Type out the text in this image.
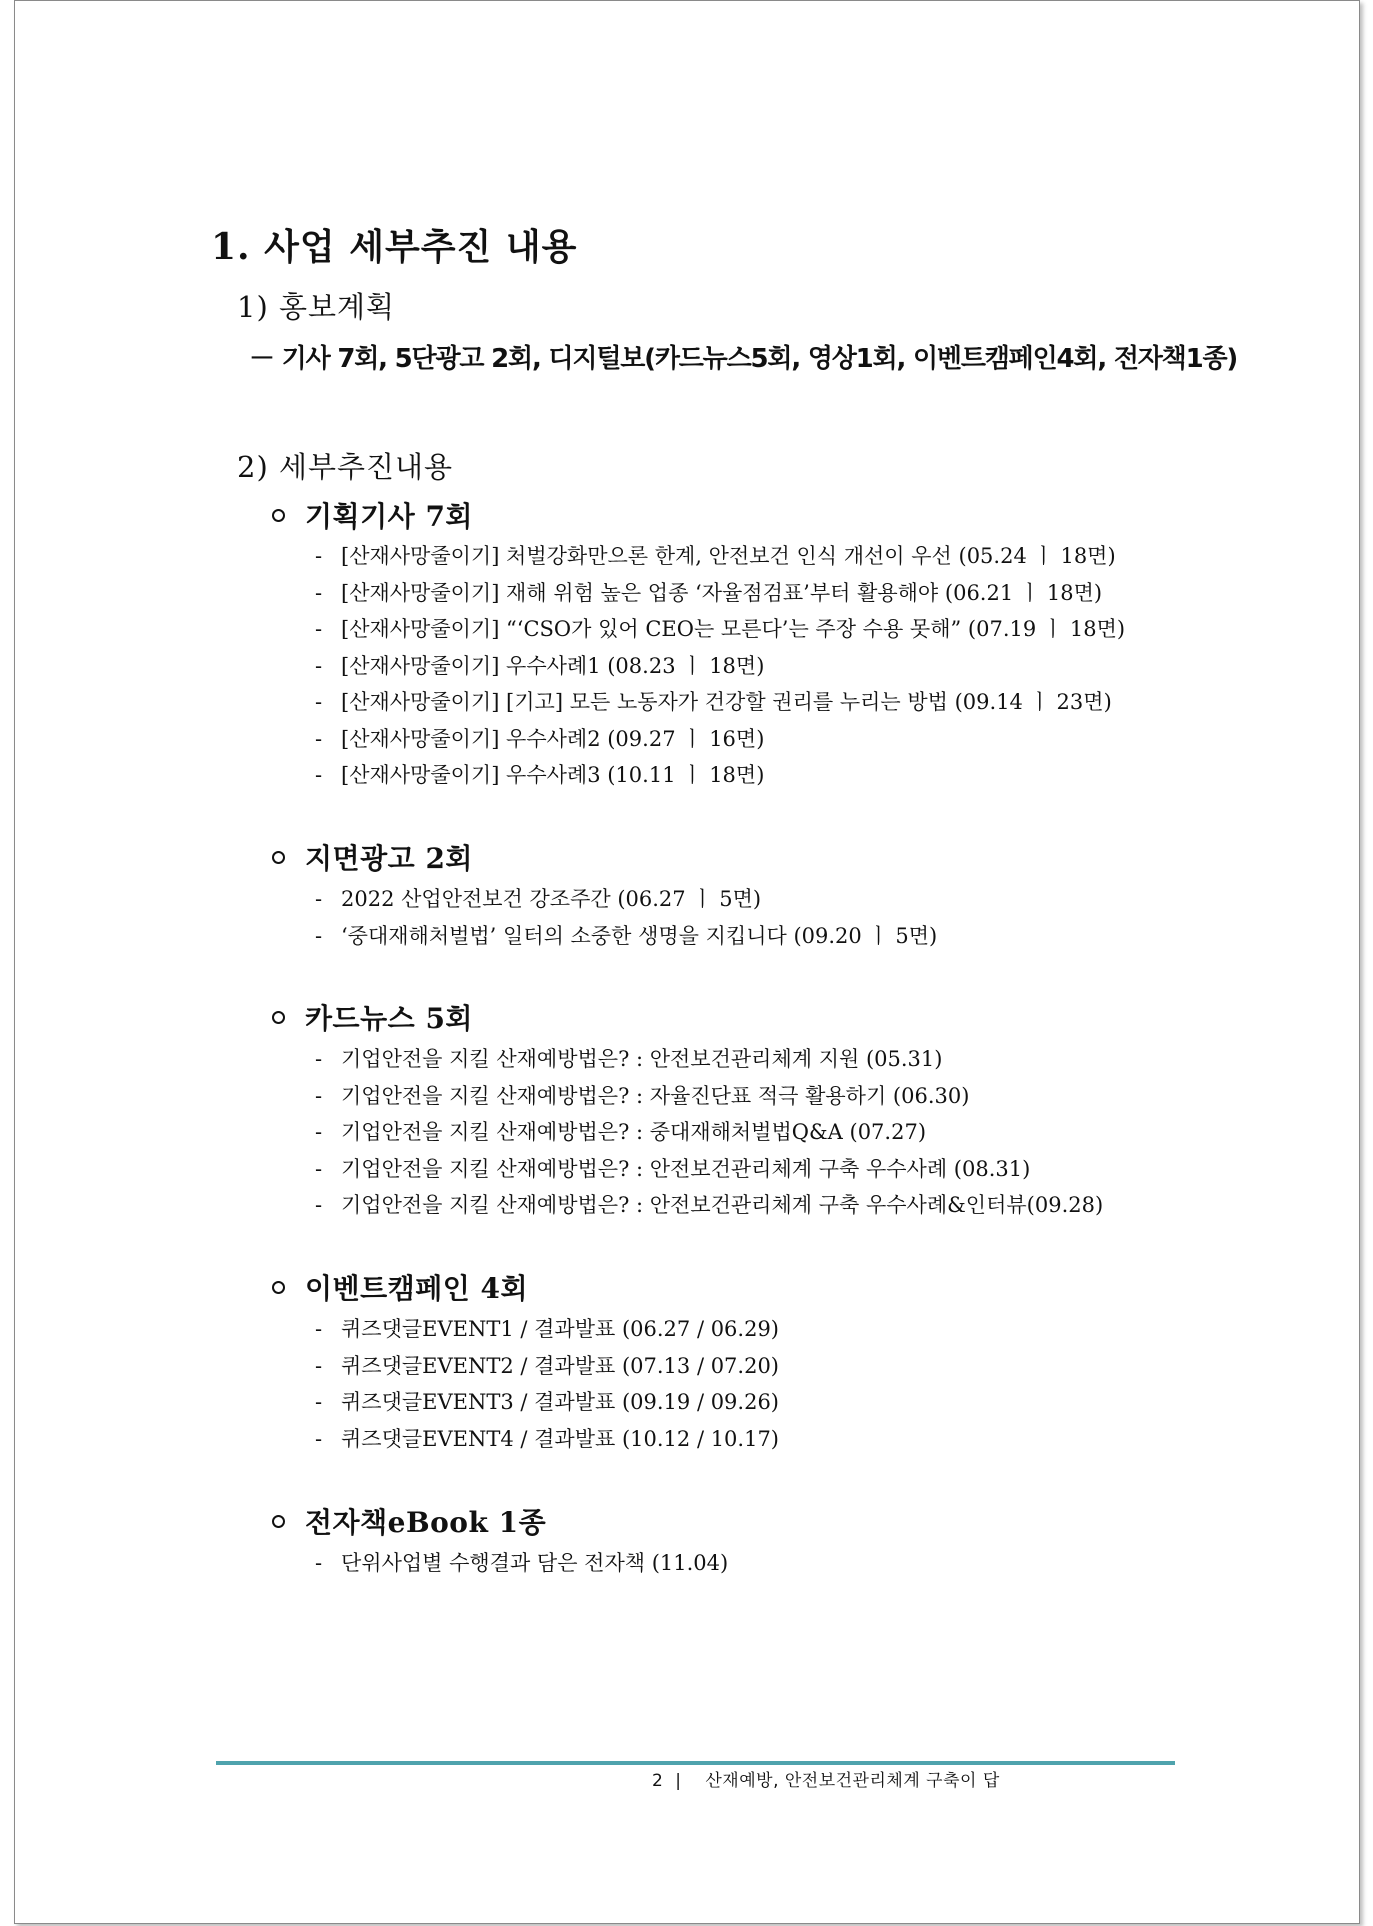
1. 사업 세부추진 내용
1) 홍보계획

－ 기사 7회, 5단광고 2회, 디지털보(카드뉴스5회, 영상1회, 이벤트캠페인4회, 전자책1종)

2) 세부추진내용
기획기사 7회
- [산재사망줄이기] 처벌강화만으론 한계, 안전보건 인식 개선이 우선 (05.24 ㅣ 18면)
- [산재사망줄이기] 재해 위험 높은 업종 ‘자율점검표’부터 활용해야 (06.21 ㅣ 18면)
- [산재사망줄이기] “‘CSO가 있어 CEO는 모른다’는 주장 수용 못해” (07.19 ㅣ 18면)
- [산재사망줄이기] 우수사례1 (08.23 ㅣ 18면)
- [산재사망줄이기] [기고] 모든 노동자가 건강할 권리를 누리는 방법 (09.14 ㅣ 23면)
- [산재사망줄이기] 우수사례2 (09.27 ㅣ 16면)
- [산재사망줄이기] 우수사례3 (10.11 ㅣ 18면)
지면광고 2회
- 2022 산업안전보건 강조주간 (06.27 ㅣ 5면)
- ‘중대재해처벌법’ 일터의 소중한 생명을 지킵니다 (09.20 ㅣ 5면)
카드뉴스 5회
- 기업안전을 지킬 산재예방법은? : 안전보건관리체계 지원 (05.31)
- 기업안전을 지킬 산재예방법은? : 자율진단표 적극 활용하기 (06.30)
- 기업안전을 지킬 산재예방법은? : 중대재해처벌법Q&A (07.27)
- 기업안전을 지킬 산재예방법은? : 안전보건관리체계 구축 우수사례 (08.31)
- 기업안전을 지킬 산재예방법은? : 안전보건관리체계 구축 우수사례&인터뷰(09.28)
이벤트캠페인 4회
- 퀴즈댓글EVENT1 / 결과발표 (06.27 / 06.29)
- 퀴즈댓글EVENT2 / 결과발표 (07.13 / 07.20)
- 퀴즈댓글EVENT3 / 결과발표 (09.19 / 09.26)
- 퀴즈댓글EVENT4 / 결과발표 (10.12 / 10.17)
전자책eBook 1종
- 단위사업별 수행결과 담은 전자책 (11.04)
2 | 산재예방, 안전보건관리체계 구축이 답
